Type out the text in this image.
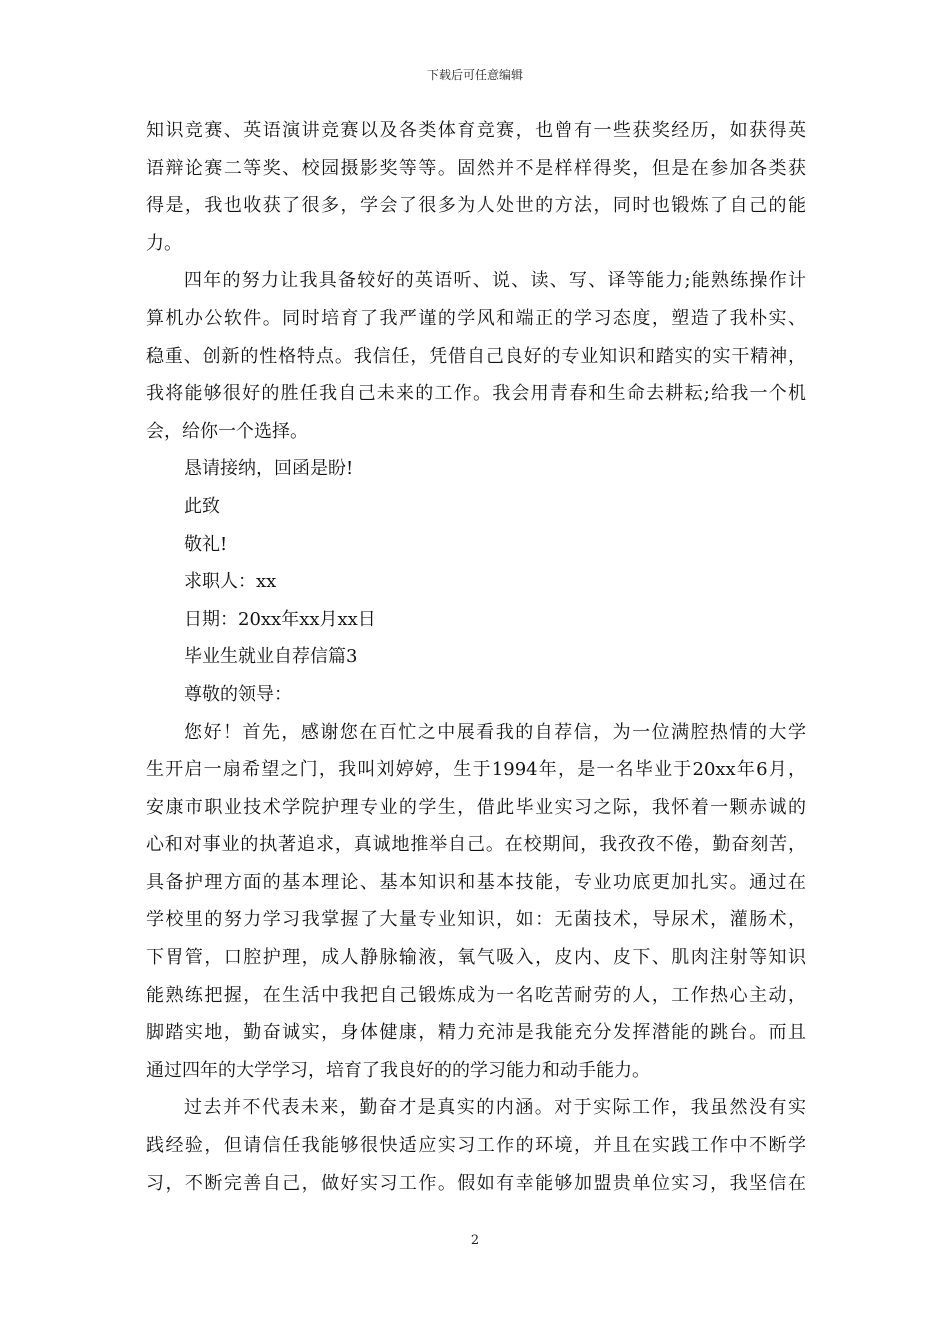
下载后可任意编辑
知识竞赛、英语演讲竞赛以及各类体育竞赛，也曾有一些获奖经历，如获得英
语辩论赛二等奖、校园摄影奖等等。固然并不是样样得奖，但是在参加各类获
得是，我也收获了很多，学会了很多为人处世的方法，同时也锻炼了自己的能
力。
四年的努力让我具备较好的英语听、说、读、写、译等能力;能熟练操作计
算机办公软件。同时培育了我严谨的学风和端正的学习态度，塑造了我朴实、
稳重、创新的性格特点。我信任，凭借自己良好的专业知识和踏实的实干精神，
我将能够很好的胜任我自己未来的工作。我会用青春和生命去耕耘;给我一个机
会，给你一个选择。
恳请接纳，回函是盼!
此致
敬礼!
求职人：xx
日期：20xx年xx月xx日
毕业生就业自荐信篇3
尊敬的领导：
您好！首先，感谢您在百忙之中展看我的自荐信，为一位满腔热情的大学
生开启一扇希望之门，我叫刘婷婷，生于1994年，是一名毕业于20xx年6月，
安康市职业技术学院护理专业的学生，借此毕业实习之际，我怀着一颗赤诚的
心和对事业的执著追求，真诚地推举自己。在校期间，我孜孜不倦，勤奋刻苦，
具备护理方面的基本理论、基本知识和基本技能，专业功底更加扎实。通过在
学校里的努力学习我掌握了大量专业知识，如：无菌技术，导尿术，灌肠术，
下胃管，口腔护理，成人静脉输液，氧气吸入，皮内、皮下、肌肉注射等知识
能熟练把握，在生活中我把自己锻炼成为一名吃苦耐劳的人，工作热心主动，
脚踏实地，勤奋诚实，身体健康，精力充沛是我能充分发挥潜能的跳台。而且
通过四年的大学学习，培育了我良好的的学习能力和动手能力。
过去并不代表未来，勤奋才是真实的内涵。对于实际工作，我虽然没有实
践经验，但请信任我能够很快适应实习工作的环境，并且在实践工作中不断学
习，不断完善自己，做好实习工作。假如有幸能够加盟贵单位实习，我坚信在
2
